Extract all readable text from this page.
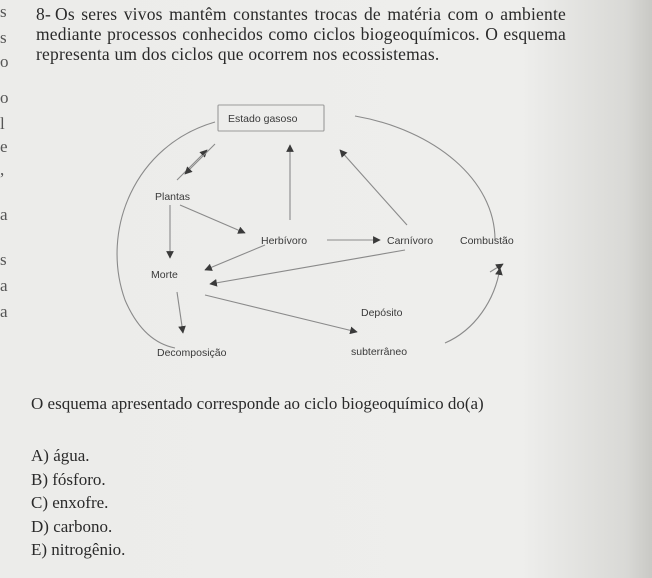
s
s
o
o
l
e
,
a
s
a
a
8- Os seres vivos mantêm constantes trocas de matéria com o ambiente mediante processos conhecidos como ciclos biogeoquímicos. O esquema representa um dos ciclos que ocorrem nos ecossistemas.
Estado gasoso
Plantas
Herbívoro	Carnívoro	Combustão
Morte
Depósito
subterrâneo
Decomposição
O esquema apresentado corresponde ao ciclo biogeoquímico do(a)
A) água.
B) fósforo.
C) enxofre.
D) carbono.
E) nitrogênio.
